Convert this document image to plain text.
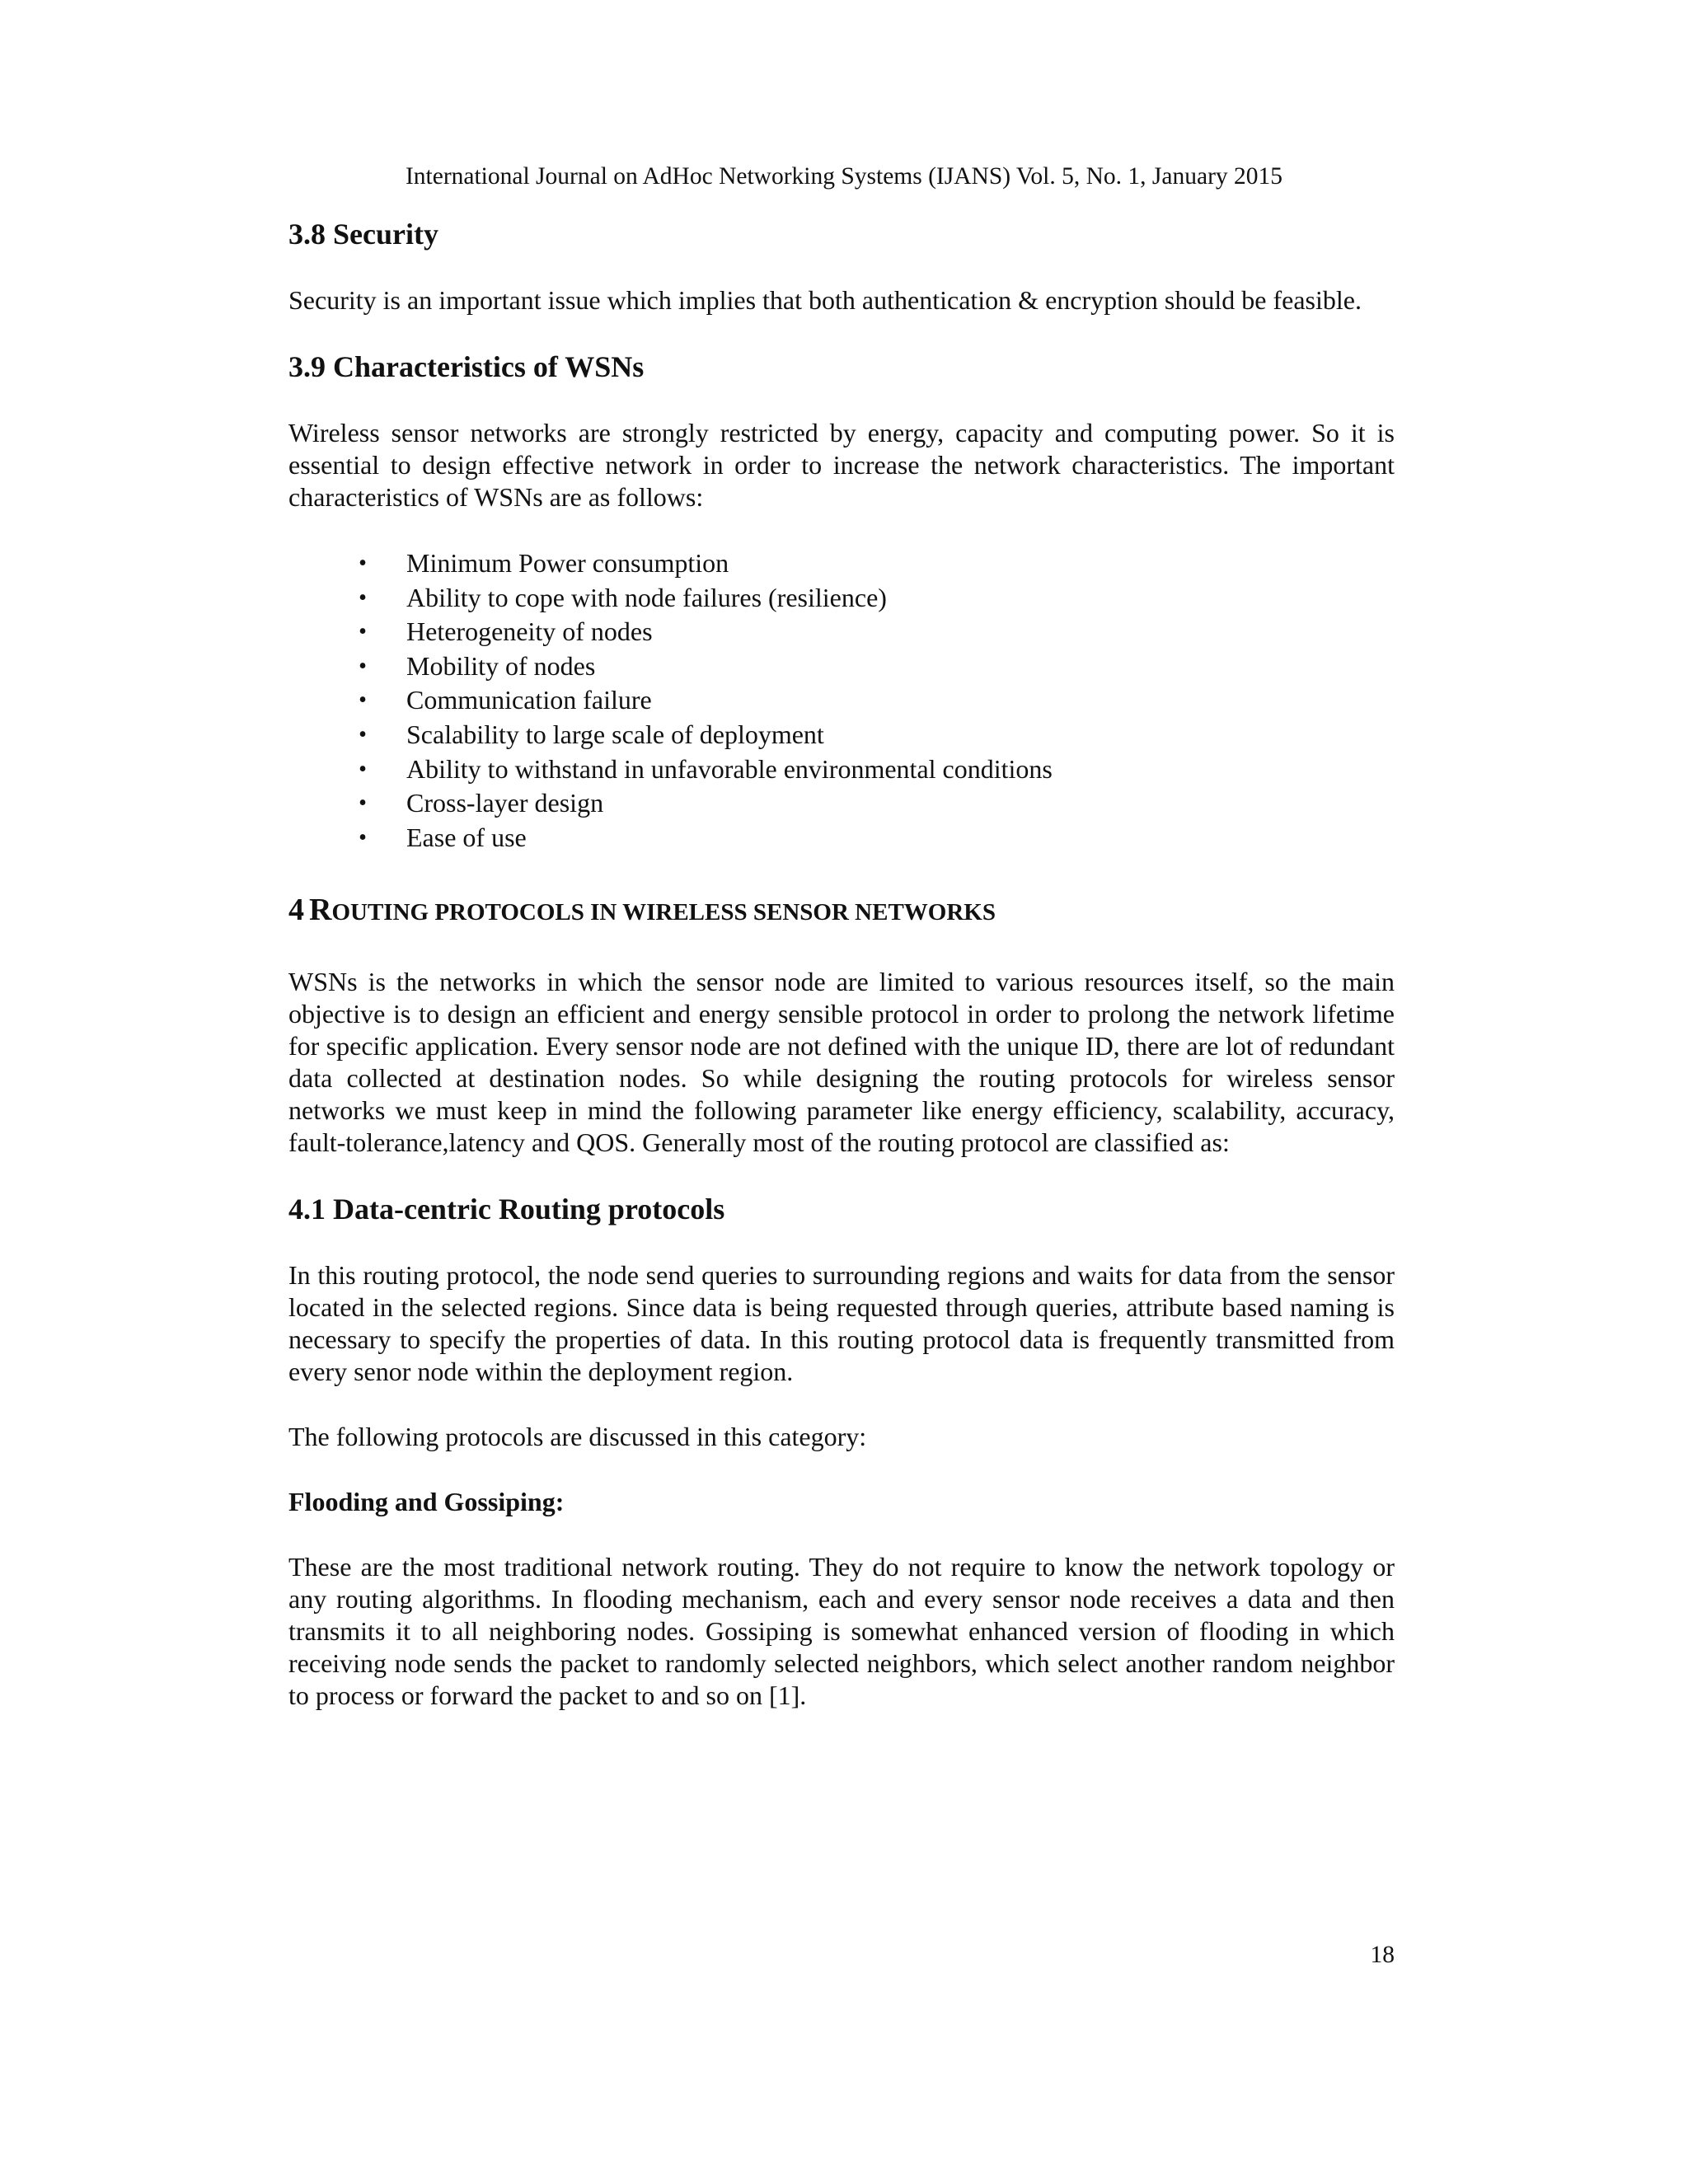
International Journal on AdHoc Networking Systems (IJANS) Vol. 5, No. 1, January 2015
3.8 Security

Security is an important issue which implies that both authentication & encryption should be feasible.

3.9 Characteristics of WSNs

Wireless sensor networks are strongly restricted by energy, capacity and computing power. So it is essential to design effective network in order to increase the network characteristics. The important characteristics of WSNs are as follows:

• Minimum Power consumption
• Ability to cope with node failures (resilience)
• Heterogeneity of nodes
• Mobility of nodes
• Communication failure
• Scalability to large scale of deployment
• Ability to withstand in unfavorable environmental conditions
• Cross-layer design
• Ease of use
4 ROUTING PROTOCOLS IN WIRELESS SENSOR NETWORKS

WSNs is the networks in which the sensor node are limited to various resources itself, so the main objective is to design an efficient and energy sensible protocol in order to prolong the network lifetime for specific application. Every sensor node are not defined with the unique ID, there are lot of redundant data collected at destination nodes. So while designing the routing protocols for wireless sensor networks we must keep in mind the following parameter like energy efficiency, scalability, accuracy, fault-tolerance,latency and QOS. Generally most of the routing protocol are classified as:

4.1 Data-centric Routing protocols

In this routing protocol, the node send queries to surrounding regions and waits for data from the sensor located in the selected regions. Since data is being requested through queries, attribute based naming is necessary to specify the properties of data. In this routing protocol data is frequently transmitted from every senor node within the deployment region.

The following protocols are discussed in this category:

Flooding and Gossiping:

These are the most traditional network routing. They do not require to know the network topology or any routing algorithms. In flooding mechanism, each and every sensor node receives a data and then transmits it to all neighboring nodes. Gossiping is somewhat enhanced version of flooding in which receiving node sends the packet to randomly selected neighbors, which select another random neighbor to process or forward the packet to and so on [1].

18
